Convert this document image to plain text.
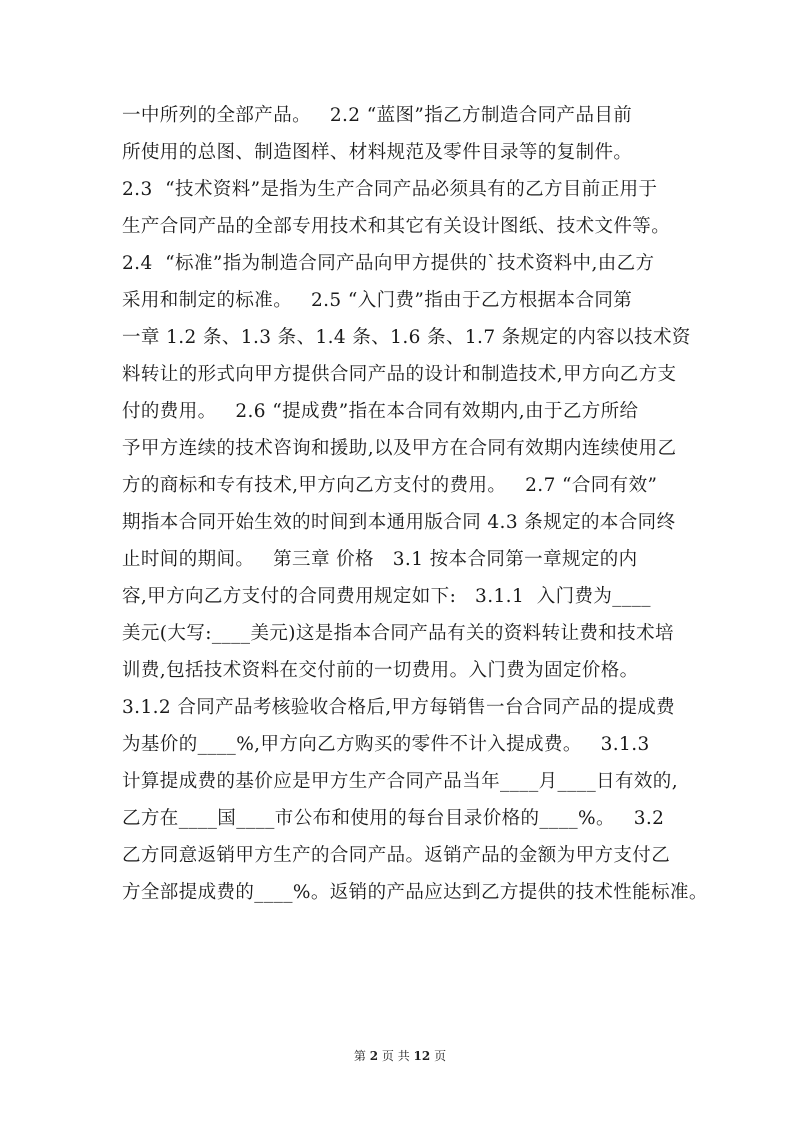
一中所列的全部产品。   2.2 “蓝图”指乙方制造合同产品目前
所使用的总图、制造图样、材料规范及零件目录等的复制件。
2.3  “技术资料”是指为生产合同产品必须具有的乙方目前正用于
生产合同产品的全部专用技术和其它有关设计图纸、技术文件等。
2.4  “标准”指为制造合同产品向甲方提供的`技术资料中,由乙方
采用和制定的标准。   2.5 “入门费”指由于乙方根据本合同第
一章 1.2 条、1.3 条、1.4 条、1.6 条、1.7 条规定的内容以技术资
料转让的形式向甲方提供合同产品的设计和制造技术,甲方向乙方支
付的费用。   2.6 “提成费”指在本合同有效期内,由于乙方所给
予甲方连续的技术咨询和援助,以及甲方在合同有效期内连续使用乙
方的商标和专有技术,甲方向乙方支付的费用。   2.7 “合同有效”
期指本合同开始生效的时间到本通用版合同 4.3 条规定的本合同终
止时间的期间。   第三章 价格   3.1 按本合同第一章规定的内
容,甲方向乙方支付的合同费用规定如下:   3.1.1  入门费为____
美元(大写:____美元)这是指本合同产品有关的资料转让费和技术培
训费,包括技术资料在交付前的一切费用。入门费为固定价格。
3.1.2 合同产品考核验收合格后,甲方每销售一台合同产品的提成费
为基价的____%,甲方向乙方购买的零件不计入提成费。   3.1.3
计算提成费的基价应是甲方生产合同产品当年____月____日有效的,
乙方在____国____市公布和使用的每台目录价格的____%。   3.2
乙方同意返销甲方生产的合同产品。返销产品的金额为甲方支付乙
方全部提成费的____%。返销的产品应达到乙方提供的技术性能标准。
第 2 页 共 12 页
